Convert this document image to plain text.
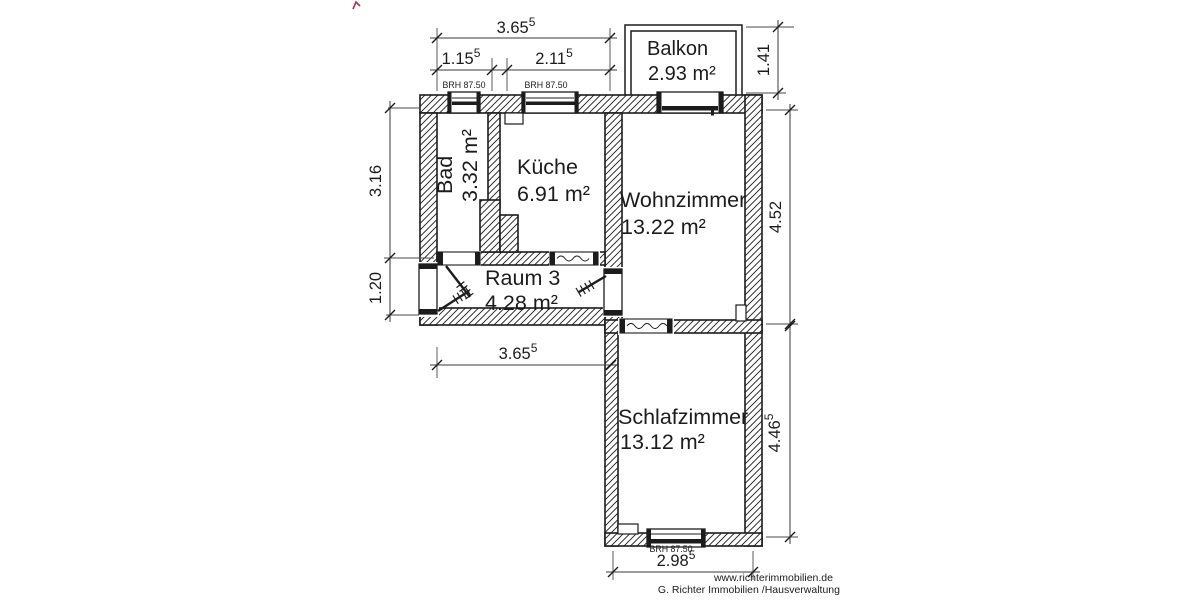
3.65$^5$
1.15$^5$	2.11$^5$
3.16
1.20
1.41
4.52
4.46$^5$
3.65$^5$
2.98$^5$
BRH 87.50	BRH 87.50
BRH 87.50
Balkon
2.93 m²
Bad 3.32 m² Küche
6.91 m² Wohnzimmer
13.22 m²
Raum 3
4.28 m²
Schlafzimmer
13.12 m²
www.richterimmobilien.de
G. Richter Immobilien /Hausverwaltung
